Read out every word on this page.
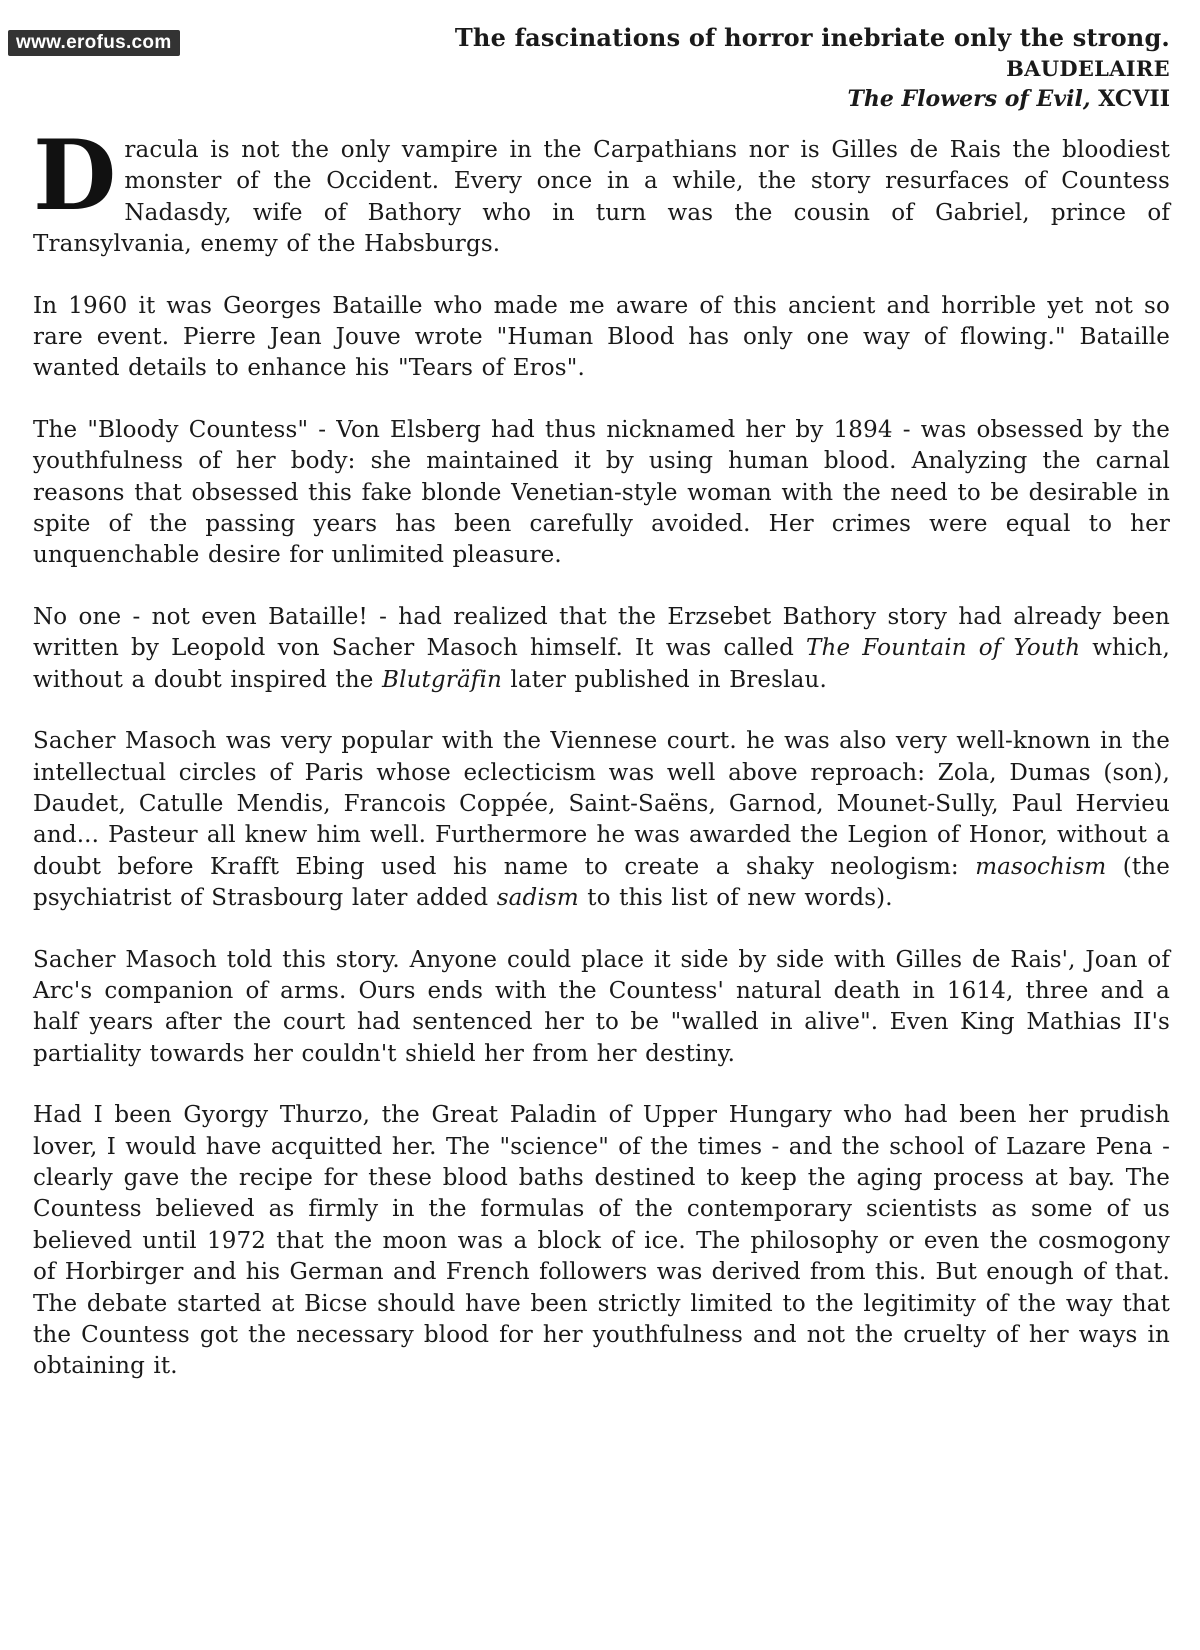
www.erofus.com	The fascinations of horror inebriate only the strong.
BAUDELAIRE
The Flowers of Evil, XCVII

Dracula is not the only vampire in the Carpathians nor is Gilles de Rais the bloodiest monster of the Occident. Every once in a while, the story resurfaces of Countess Nadasdy, wife of Bathory who in turn was the cousin of Gabriel, prince of Transylvania, enemy of the Habsburgs.

In 1960 it was Georges Bataille who made me aware of this ancient and horrible yet not so rare event. Pierre Jean Jouve wrote "Human Blood has only one way of flowing." Bataille wanted details to enhance his "Tears of Eros".

The "Bloody Countess" - Von Elsberg had thus nicknamed her by 1894 - was obsessed by the youthfulness of her body: she maintained it by using human blood. Analyzing the carnal reasons that obsessed this fake blonde Venetian-style woman with the need to be desirable in spite of the passing years has been carefully avoided. Her crimes were equal to her unquenchable desire for unlimited pleasure.

No one - not even Bataille! - had realized that the Erzsebet Bathory story had already been written by Leopold von Sacher Masoch himself. It was called The Fountain of Youth which, without a doubt inspired the Blutgräfin later published in Breslau.

Sacher Masoch was very popular with the Viennese court. he was also very well-known in the intellectual circles of Paris whose eclecticism was well above reproach: Zola, Dumas (son), Daudet, Catulle Mendis, Francois Coppée, Saint-Saëns, Garnod, Mounet-Sully, Paul Hervieu and... Pasteur all knew him well. Furthermore he was awarded the Legion of Honor, without a doubt before Krafft Ebing used his name to create a shaky neologism: masochism (the psychiatrist of Strasbourg later added sadism to this list of new words).

Sacher Masoch told this story. Anyone could place it side by side with Gilles de Rais', Joan of Arc's companion of arms. Ours ends with the Countess' natural death in 1614, three and a half years after the court had sentenced her to be "walled in alive". Even King Mathias II's partiality towards her couldn't shield her from her destiny.

Had I been Gyorgy Thurzo, the Great Paladin of Upper Hungary who had been her prudish lover, I would have acquitted her. The "science" of the times - and the school of Lazare Pena - clearly gave the recipe for these blood baths destined to keep the aging process at bay. The Countess believed as firmly in the formulas of the contemporary scientists as some of us believed until 1972 that the moon was a block of ice. The philosophy or even the cosmogony of Horbirger and his German and French followers was derived from this. But enough of that. The debate started at Bicse should have been strictly limited to the legitimity of the way that the Countess got the necessary blood for her youthfulness and not the cruelty of her ways in obtaining it.
